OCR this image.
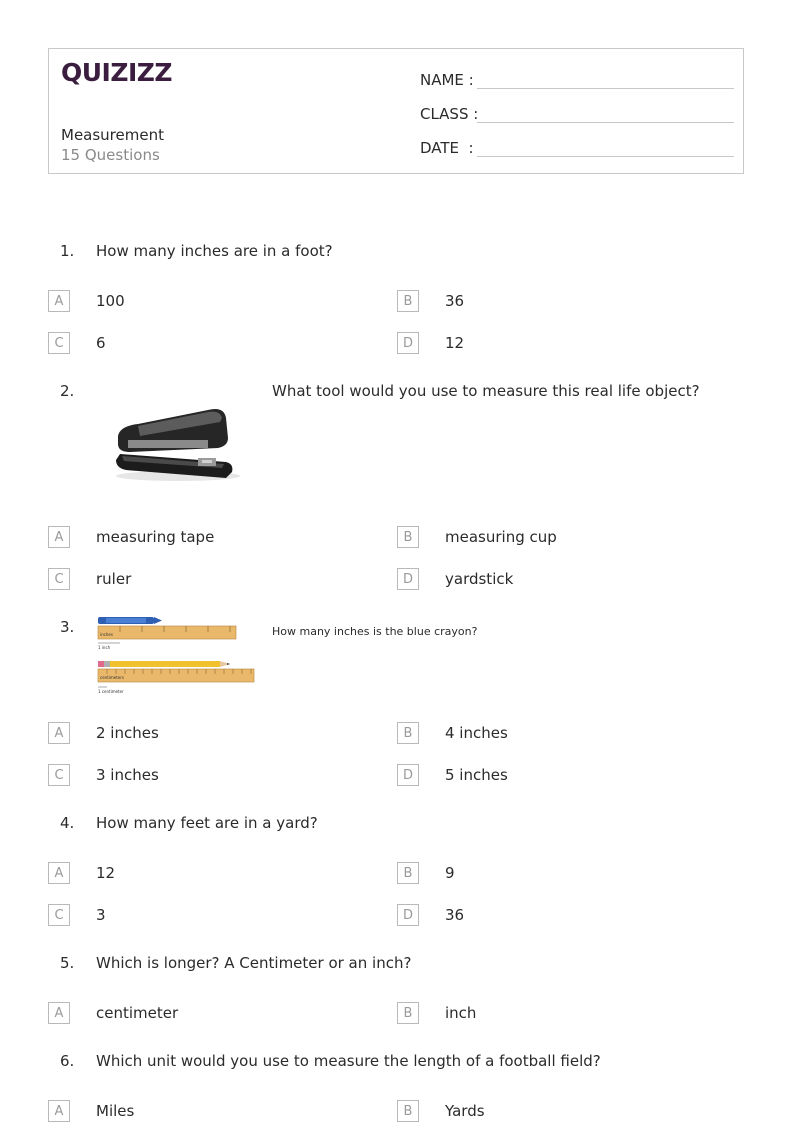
QUIZIZZ
Measurement
15 Questions
NAME :
CLASS :
DATE  :
1. How many inches are in a foot?
A	100	B	36
C	6	D	12
2.	What tool would you use to measure this real life object?
A	measuring tape	B	measuring cup
C	ruler	D	yardstick
3.	inches
1 inch
centimeters
1 centimeter
How many inches is the blue crayon?
A	2 inches	B	4 inches
C	3 inches	D	5 inches
4. How many feet are in a yard?
A	12	B	9
C	3	D	36
5. Which is longer? A Centimeter or an inch?
A	centimeter	B	inch
6. Which unit would you use to measure the length of a football field?
A	Miles	B	Yards
